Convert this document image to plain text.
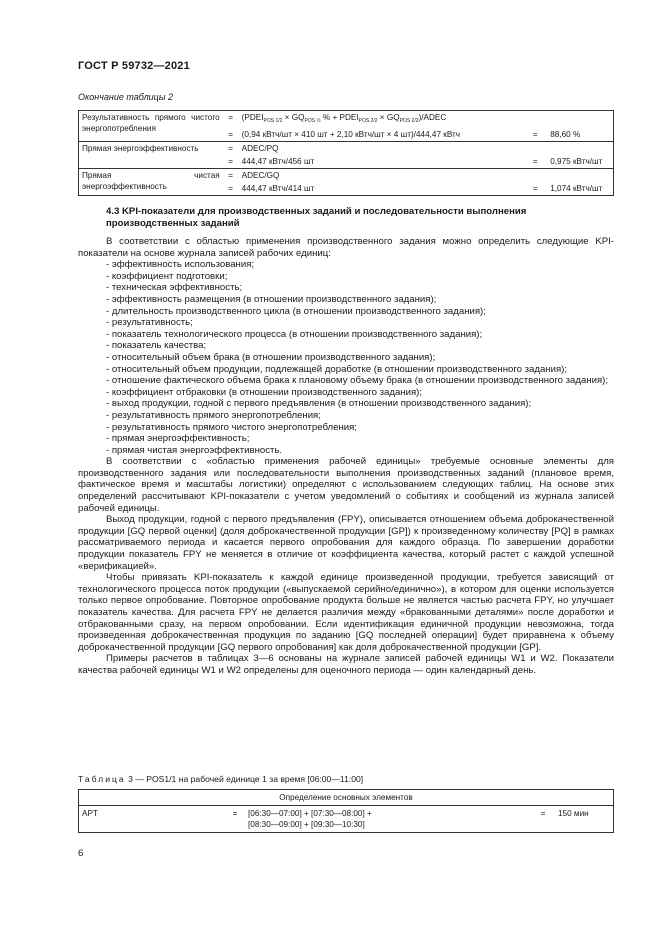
ГОСТ Р 59732—2021
Окончание таблицы 2
Результативность прямого чистого энергопотребления	=	($PDEI_{POS 1/2} \times GQ_{POS \frac{1}{2}}$ % + $PDEI_{POS 2/2}$ × $GQ_{POS 2/2}$)/ADEC		
	=	(0,94 кВтч/шт × 410 шт + 2,10 кВтч/шт × 4 шт)/444,47 кВтч	=	88,60 %
Прямая энергоэффективность	=	ADEC/PQ		
	=	444,47 кВтч/456 шт	=	0,975 кВтч/шт
Прямая чистая энергоэффективность	=	ADEC/GQ		
	=	444,47 кВтч/414 шт	=	1,074 кВтч/шт
4.3 KPI-показатели для производственных заданий и последовательности выполнения производственных заданий

В соответствии с областью применения производственного задания можно определить следующие KPI-показатели на основе журнала записей рабочих единиц:

- эффективность использования;
- коэффициент подготовки;
- техническая эффективность;
- эффективность размещения (в отношении производственного задания);
- длительность производственного цикла (в отношении производственного задания);
- результативность;
- показатель технологического процесса (в отношении производственного задания);
- показатель качества;
- относительный объем брака (в отношении производственного задания);
- относительный объем продукции, подлежащей доработке (в отношении производственного задания);
- отношение фактического объема брака к плановому объему брака (в отношении производственного задания);
- коэффициент отбраковки (в отношении производственного задания);
- выход продукции, годной с первого предъявления (в отношении производственного задания);
- результативность прямого энергопотребления;
- результативность прямого чистого энергопотребления;
- прямая энергоэффективность;
- прямая чистая энергоэффективность.

В соответствии с «областью применения рабочей единицы» требуемые основные элементы для производственного задания или последовательности выполнения производственных заданий (плановое время, фактическое время и масштабы логистики) определяют с использованием следующих таблиц. На основе этих определений рассчитывают KPI-показатели с учетом уведомлений о событиях и сообщений из журнала записей рабочей единицы.

Выход продукции, годной с первого предъявления (FPY), описывается отношением объема доброкачественной продукции [GQ первой оценки] (доля доброкачественной продукции [GP]) к произведенному количеству [PQ] в рамках рассматриваемого периода и касается первого опробования для каждого образца. По завершении доработки продукции показатель FPY не меняется в отличие от коэффициента качества, который растет с каждой успешной «верификацией».

Чтобы привязать KPI-показатель к каждой единице произведенной продукции, требуется зависящий от технологического процесса поток продукции («выпускаемой серийно/единично»), в котором для оценки используется только первое опробование. Повторное опробование продукта больше не является частью расчета FPY, но улучшает показатель качества. Для расчета FPY не делается различия между «бракованными деталями» после доработки и отбракованными сразу, на первом опробовании. Если идентификация единичной продукции невозможна, тогда произведенная доброкачественная продукция по заданию [GQ последней операции] будет приравнена к объему доброкачественной продукции [GQ первого опробования] как доля доброкачественной продукции [GP].

Примеры расчетов в таблицах 3—6 основаны на журнале записей рабочей единицы W1 и W2. Показатели качества рабочей единицы W1 и W2 определены для оценочного периода — один календарный день.

Таблица 3 — POS1/1 на рабочей единице 1 за время [06:00—11:00]
Определение основных элементов
APT	=	[06:30—07:00] + [07:30—08:00] +
[08:30—09:00] + [09:30—10:30]
	=	150 мин
6
